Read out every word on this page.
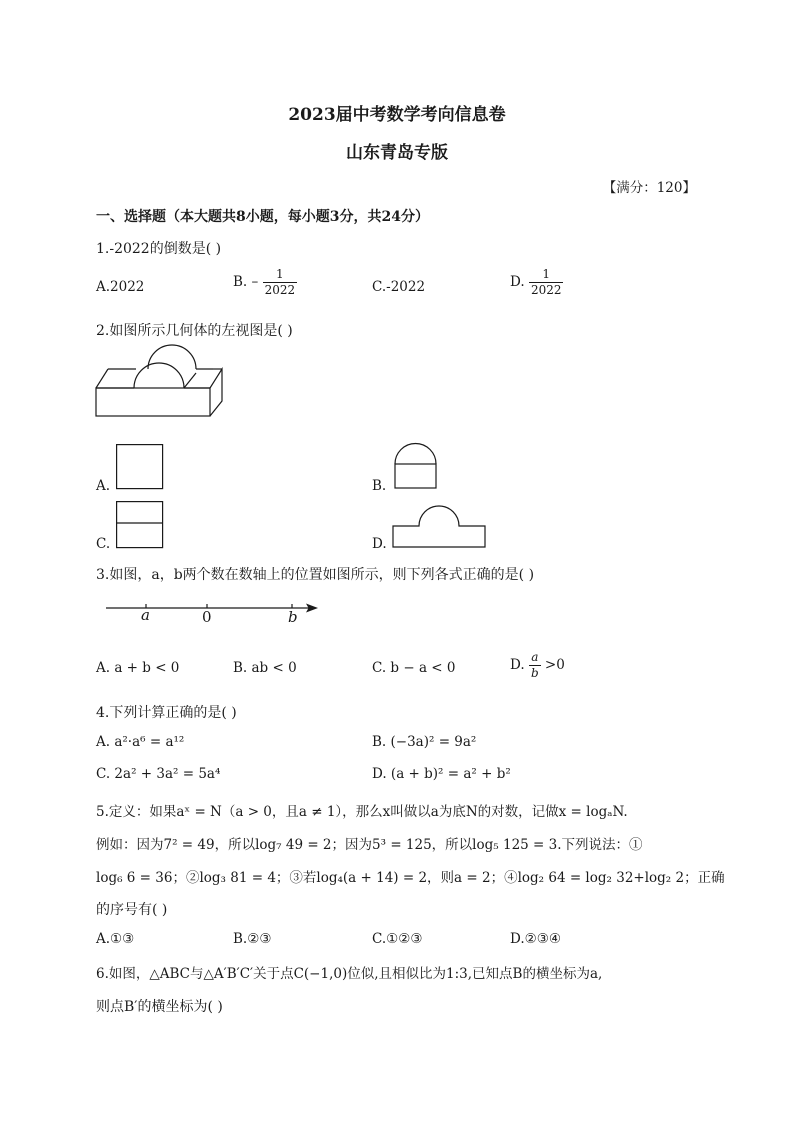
2023届中考数学考向信息卷
山东青岛专版
【满分：120】
一、选择题（本大题共8小题，每小题3分，共24分）
1.-2022的倒数是( )
A.2022	B. – $\frac{1}{2022}$	C.-2022	D. $\frac{1}{2022}$
2.如图所示几何体的左视图是( )
A.	B.
C.	D.
3.如图，a，b两个数在数轴上的位置如图所示，则下列各式正确的是( )
a	0	b
A. a + b < 0	B. ab < 0	C. b − a < 0	D. $\frac{a}{b} >0$
4.下列计算正确的是( )
A. a²·a⁶ = a¹²	B. (−3a)² = 9a²
C. 2a² + 3a² = 5a⁴	D. (a + b)² = a² + b²
5.定义：如果aˣ = N（a > 0，且a ≠ 1），那么x叫做以a为底N的对数，记做x = logₐN.
例如：因为7² = 49，所以log₇ 49 = 2；因为5³ = 125，所以log₅ 125 = 3.下列说法：①
log₆ 6 = 36；②log₃ 81 = 4；③若log₄(a + 14) = 2，则a = 2；④log₂ 64 = log₂ 32+log₂ 2；正确
的序号有( )
A.①③	B.②③	C.①②③	D.②③④
6.如图，△ABC与△A′B′C′关于点C(−1,0)位似,且相似比为1:3,已知点B的横坐标为a,
则点B′的横坐标为( )
